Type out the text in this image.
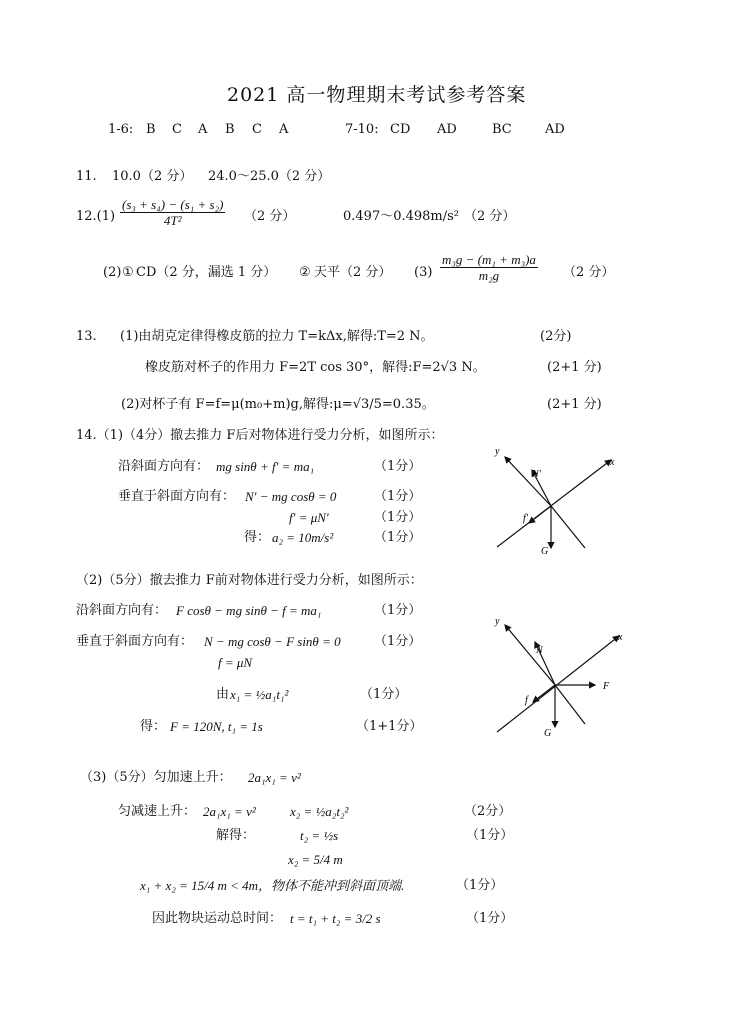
2021 高一物理期末考试参考答案
1-6: B C A B C A	7-10: CD AD	BC	AD
11. 10.0（2 分） 24.0～25.0（2 分）
$12.(1) \frac{\text{(s₃ + s₄) − (s₁ + s₂)}}{\text{4T²}} (2$ 分）	0.497～0.498m/s² （2 分）
(2) ① CD（2 分，漏选 1 分） ② 天平（2 分） $(3) \frac{\text{m₃g − (m₁ + m₃)a}}{\text{m₂g}} (2$ 分）
13. (1)由胡克定律得橡皮筋的拉力 T=kΔx,解得:T=2 N。	(2分)
橡皮筋对杯子的作用力 F=2T cos 30°，解得:F=2√3 N。	(2+1 分)
(2)对杯子有 F=f=μ(m₀+m)g,解得:μ=√3/5=0.35。	(2+1 分)
14.（1)（4分）撤去推力 F后对物体进行受力分析，如图所示：
沿斜面方向有： mg sinθ + f′ = ma₁	（1分）
垂直于斜面方向有： N′ − mg cosθ = 0	（1分）
f′ = μN′	（1分）
得： a₂ = 10m/s²	（1分）
y
x
N′
f′
G
（2)（5分）撤去推力 F前对物体进行受力分析，如图所示：
沿斜面方向有： F cosθ − mg sinθ − f = ma₁	（1分）
垂直于斜面方向有： N − mg cosθ − F sinθ = 0	（1分）
f = μN
由 x₁ = ½a₁t₁²	（1分）
得： F = 120N, t₁ = 1s	（1+1分）
y
x
N
f
G
F
（3)（5分）匀加速上升： 2a₁x₁ = v²
匀减速上升： 2a₁x₁ = v²	x₂ = ½a₂t₂²	（2分）
解得：	t₂ = ½s	（1分）
x₂ = 5/4 m
x₁ + x₂ = 15/4 m < 4m，物体不能冲到斜面顶端.	（1分）
因此物块运动总时间： t = t₁ + t₂ = 3/2 s	（1分）
